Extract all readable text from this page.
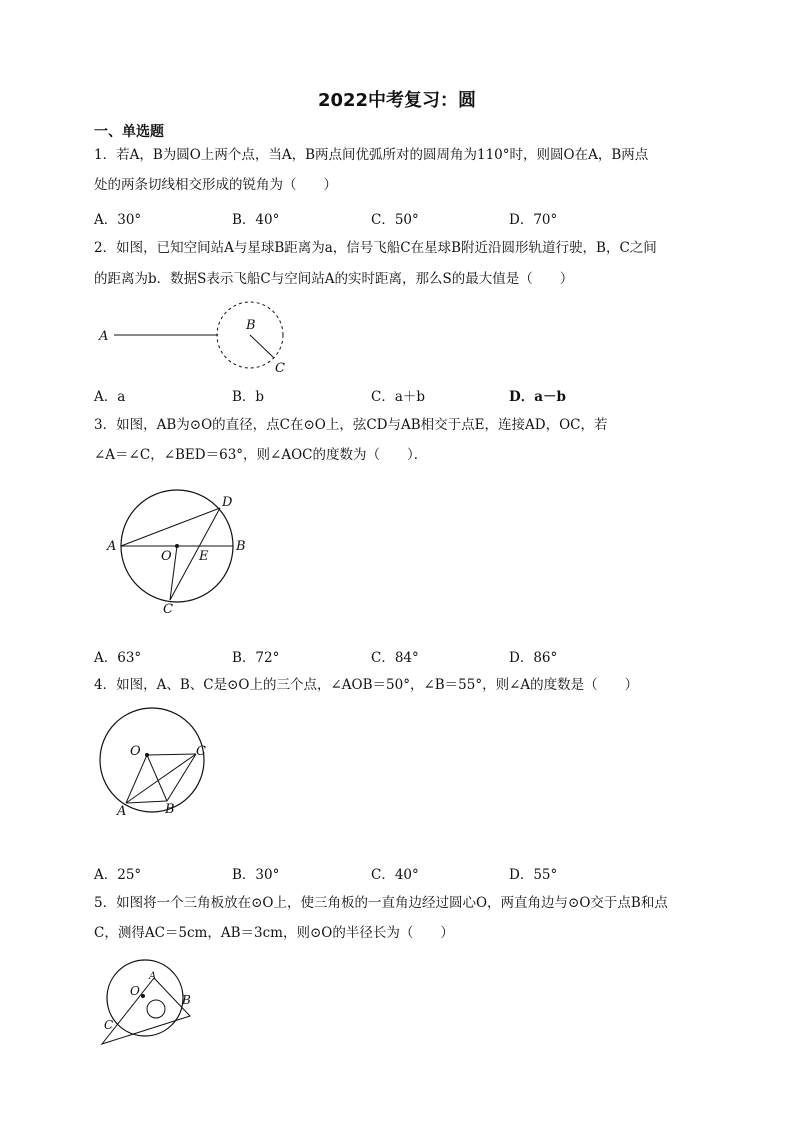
2022中考复习：圆
一、单选题
1．若A，B为圆O上两个点，当A，B两点间优弧所对的圆周角为110°时，则圆O在A，B两点
处的两条切线相交形成的锐角为（　　）
A．30°	B．40°	C．50°	D．70°
2．如图，已知空间站A与星球B距离为a，信号飞船C在星球B附近沿圆形轨道行驶，B，C之间
的距离为b．数据S表示飞船C与空间站A的实时距离，那么S的最大值是（　　）
A
B
C
A．a	B．b	C．a＋b	D．a－b
3．如图，AB为⊙O的直径，点C在⊙O上，弦CD与AB相交于点E，连接AD，OC，若
∠A＝∠C，∠BED＝63°，则∠AOC的度数为（　　）．
A	B
C
D
O E
A．63°	B．72°	C．84°	D．86°
4．如图，A、B、C是⊙O上的三个点，∠AOB＝50°，∠B＝55°，则∠A的度数是（　　）
O	C
A	B
A．25°	B．30°	C．40°	D．55°
5．如图将一个三角板放在⊙O上，使三角板的一直角边经过圆心O，两直角边与⊙O交于点B和点
C，测得AC＝5cm，AB＝3cm，则⊙O的半径长为（　　）
A
O
B
C
